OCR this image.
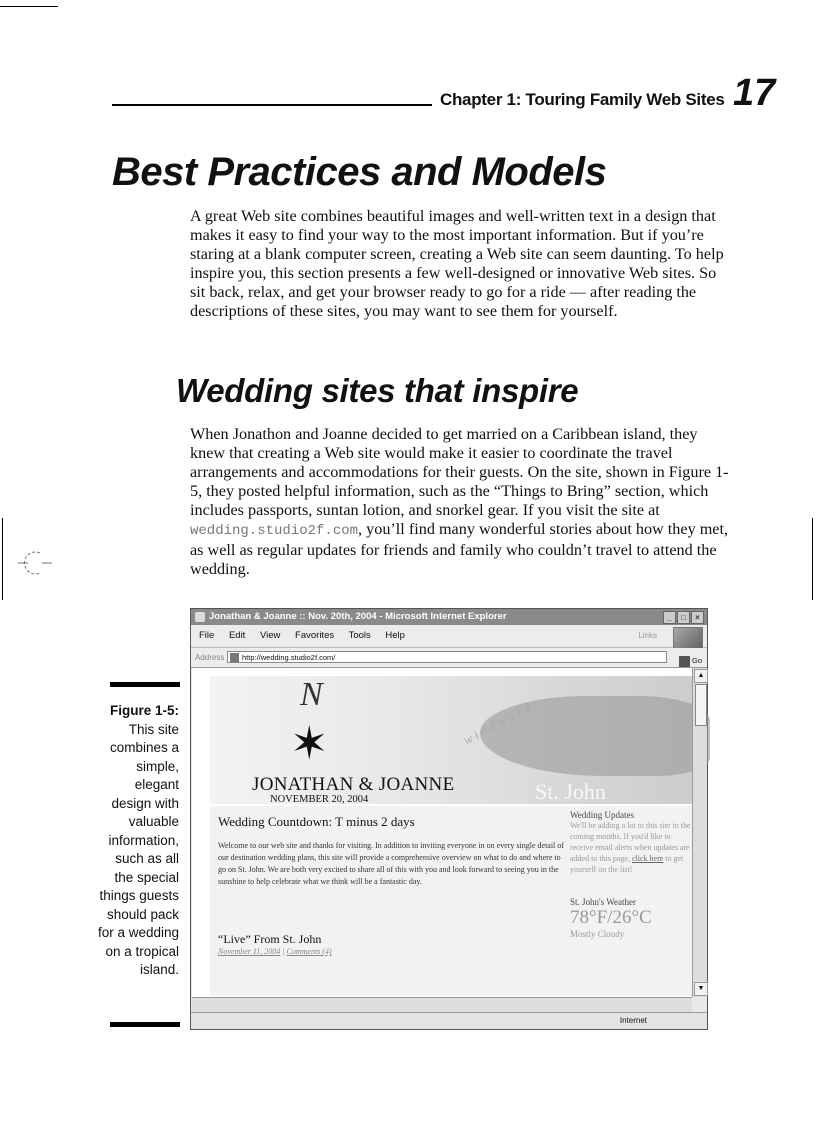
Chapter 1: Touring Family Web Sites 17
Best Practices and Models

A great Web site combines beautiful images and well-written text in a design that makes it easy to find your way to the most important information. But if you’re staring at a blank computer screen, creating a Web site can seem daunting. To help inspire you, this section presents a few well-designed or innovative Web sites. So sit back, relax, and get your browser ready to go for a ride — after reading the descriptions of these sites, you may want to see them for yourself.

Wedding sites that inspire

When Jonathon and Joanne decided to get married on a Caribbean island, they knew that creating a Web site would make it easier to coordinate the travel arrangements and accommodations for their guests. On the site, shown in Figure 1-5, they posted helpful information, such as the “Things to Bring” section, which includes passports, suntan lotion, and snorkel gear. If you visit the site at wedding.studio2f.com, you’ll find many wonderful stories about how they met, as well as regular updates for friends and family who couldn’t travel to attend the wedding.

Figure 1-5:
This site combines a simple, elegant design with valuable information, such as all the special things guests should pack for a wedding on a tropical island.
Jonathan & Joanne :: Nov. 20th, 2004 - Microsoft Internet Explorer	_	□	×
File Edit View Favorites Tools Help	Links
Address	http://wedding.studio2f.com/	Go
N
✶	w i n d w a r d
JONATHAN & JOANNE
NOVEMBER 20, 2004	St. John
Wedding Countdown: T minus 2 days
Welcome to our web site and thanks for visiting. In addition to inviting everyone in on every single detail of our destination wedding plans, this site will provide a comprehensive overview on what to do and where to go on St. John. We are both very excited to share all of this with you and look forward to seeing you in the sunshine to help celebrate what we think will be a fantastic day.
“Live” From St. John
November 11, 2004 | Comments (4)
Wedding Updates
We'll be adding a lot to this site in the coming months. If you'd like to receive email alerts when updates are added to this page, click here to get yourself on the list!
St. John's Weather
78°F/26°C
Mostly Cloudy
▲
▼
Internet
